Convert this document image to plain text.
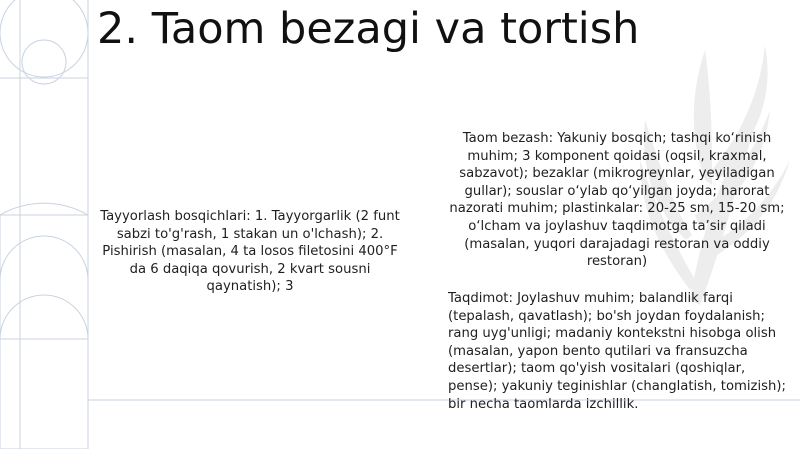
2. Taom bezagi va tortish

Tayyorlash bosqichlari: 1. Tayyorgarlik (2 funt sabzi to'g'rash, 1 stakan un o'lchash); 2. Pishirish (masalan, 4 ta losos filetosini 400°F da 6 daqiqa qovurish, 2 kvart sousni qaynatish); 3

Taom bezash: Yakuniy bosqich; tashqi ko‘rinish muhim; 3 komponent qoidasi (oqsil, kraxmal, sabzavot); bezaklar (mikrogreynlar, yeyiladigan gullar); souslar o‘ylab qo‘yilgan joyda; harorat nazorati muhim; plastinkalar: 20-25 sm, 15-20 sm; o‘lcham va joylashuv taqdimotga ta’sir qiladi (masalan, yuqori darajadagi restoran va oddiy restoran)

Taqdimot: Joylashuv muhim; balandlik farqi (tepalash, qavatlash); bo'sh joydan foydalanish; rang uyg'unligi; madaniy kontekstni hisobga olish (masalan, yapon bento qutilari va fransuzcha desertlar); taom qo'yish vositalari (qoshiqlar, pense); yakuniy teginishlar (changlatish, tomizish); bir necha taomlarda izchillik.
